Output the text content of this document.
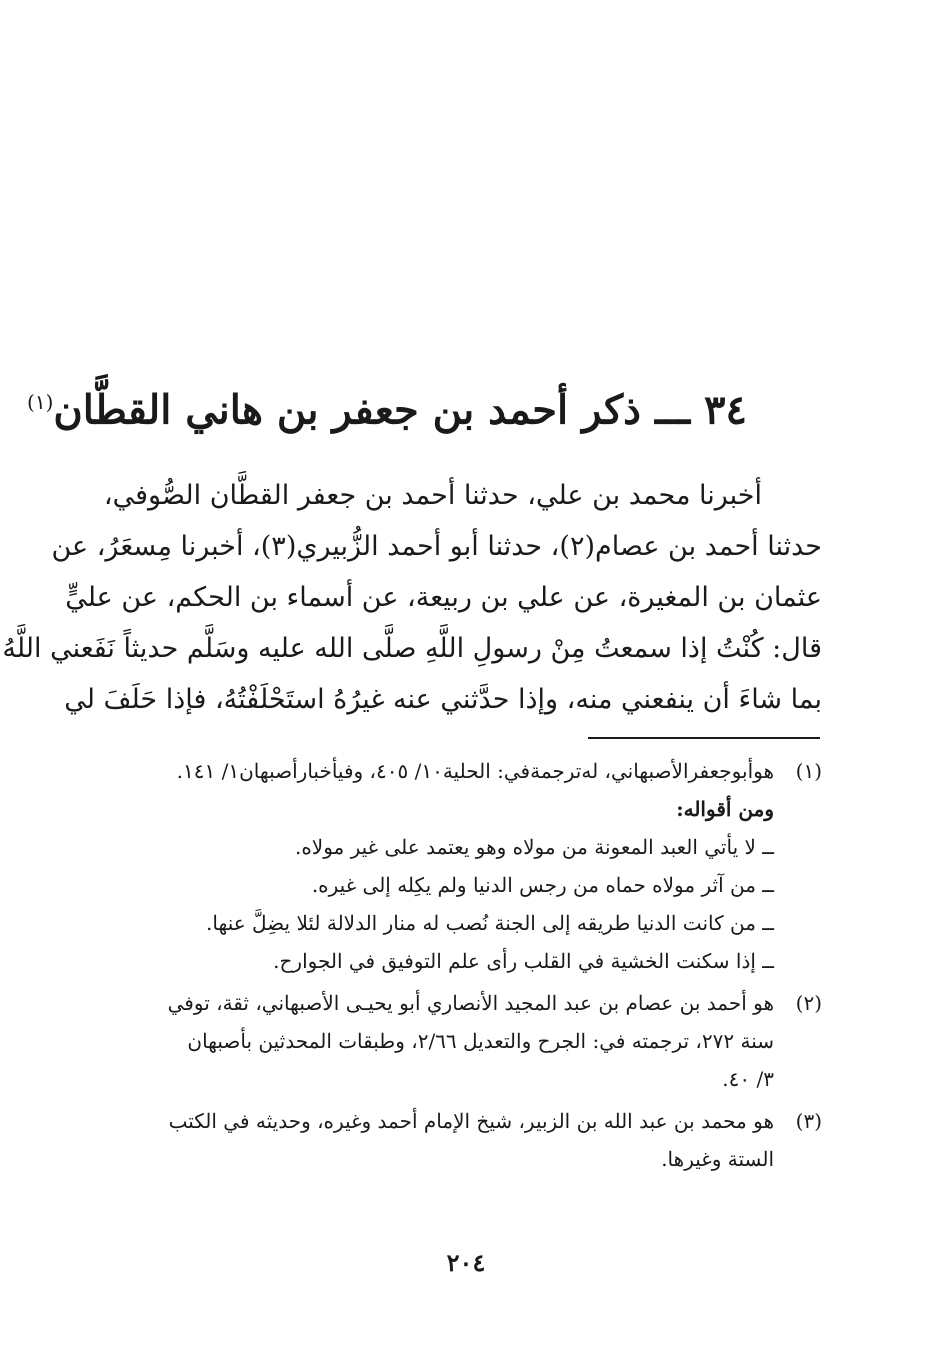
٣٤ ـــ ذكر أحمد بن جعفر بن هاني القطَّان$^{(١)}$
أخبرنا محمد بن علي، حدثنا أحمد بن جعفر القطَّان الصُّوفي،
حدثنا أحمد بن عصام(٢)، حدثنا أبو أحمد الزُّبيري(٣)، أخبرنا مِسعَرُ، عن
عثمان بن المغيرة، عن علي بن ربيعة، عن أسماء بن الحكم، عن عليٍّ
قال: كُنْتُ إذا سمعتُ مِنْ رسولِ اللَّهِ صلَّى الله عليه وسَلَّم حديثاً نَفَعني اللَّهُ
بما شاءَ أن ينفعني منه، وإذا حدَّثني عنه غيرُهُ استَحْلَفْتُهُ، فإذا حَلَفَ لي
(١)
هوأبوجعفرالأصبهاني، لەترجمةفي: الحلية١٠/ ٤٠٥، وفيأخبارأصبهان١/ ١٤١.
ومن أقواله:
ــ لا يأتي العبد المعونة من مولاه وهو يعتمد على غير مولاه.
ــ من آثر مولاه حماه من رجس الدنيا ولم يكِله إلى غيره.
ــ من كانت الدنيا طريقه إلى الجنة نُصب له منار الدلالة لئلا يضِلَّ عنها.
ــ إذا سكنت الخشية في القلب رأى علم التوفيق في الجوارح.
(٢)
هو أحمد بن عصام بن عبد المجيد الأنصاري أبو يحيـى الأصبهاني، ثقة، توفي
سنة ٢٧٢، ترجمته في: الجرح والتعديل ٢/٦٦، وطبقات المحدثين بأصبهان
٣/ ٤٠.
(٣)
هو محمد بن عبد الله بن الزبير، شيخ الإمام أحمد وغيره، وحديثه في الكتب
الستة وغيرها.
٢٠٤
